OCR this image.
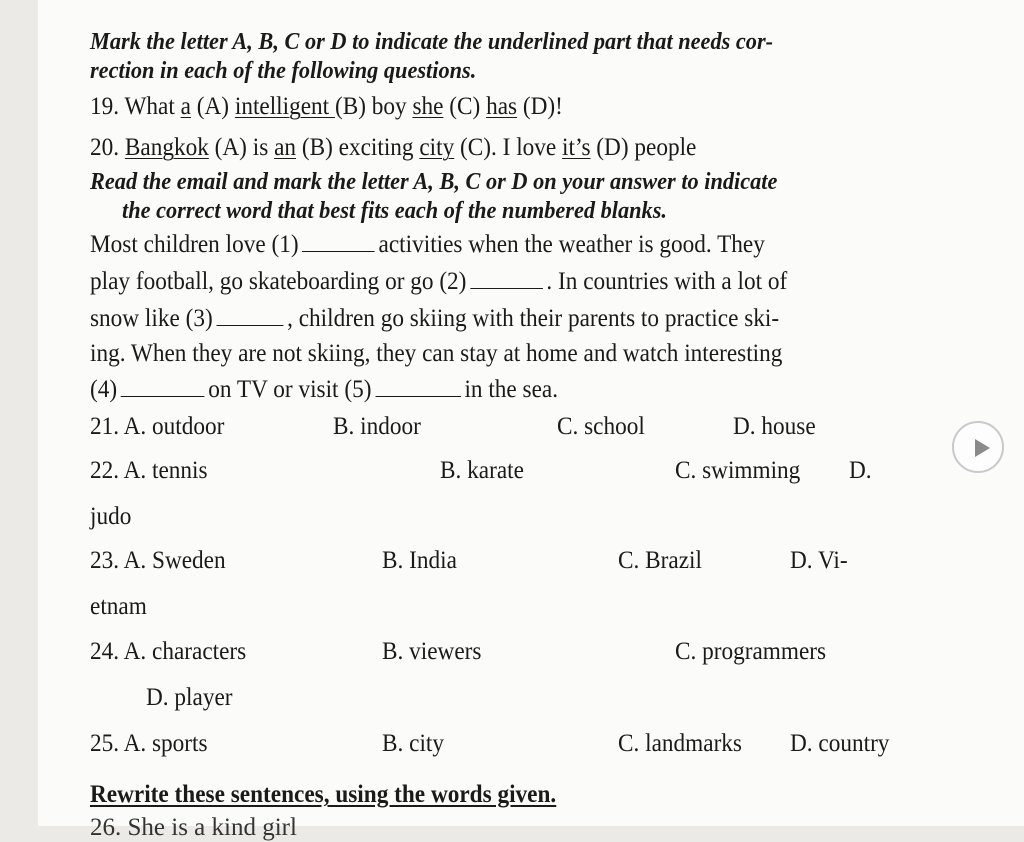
Mark the letter A, B, C or D to indicate the underlined part that needs cor-
rection in each of the following questions.
19. What a (A) intelligent (B) boy she (C) has (D)!
20. Bangkok (A) is an (B) exciting city (C). I love it’s (D) people
Read the email and mark the letter A, B, C or D on your answer to indicate
the correct word that best fits each of the numbered blanks.
Most children love (1)	activities when the weather is good. They
play football, go skateboarding or go (2)	. In countries with a lot of
snow like (3)	, children go skiing with their parents to practice ski-
ing. When they are not skiing, they can stay at home and watch interesting
(4)	on TV or visit (5)	in the sea.
21. A. outdoor	B. indoor	C. school	D. house
22. A. tennis	B. karate	C. swimming D.
judo
23. A. Sweden	B. India	C. Brazil	D. Vi-
etnam
24. A. characters	B. viewers	C. programmers
D. player
25. A. sports	B. city	C. landmarks D. country
Rewrite these sentences, using the words given.
26. She is a kind girl
